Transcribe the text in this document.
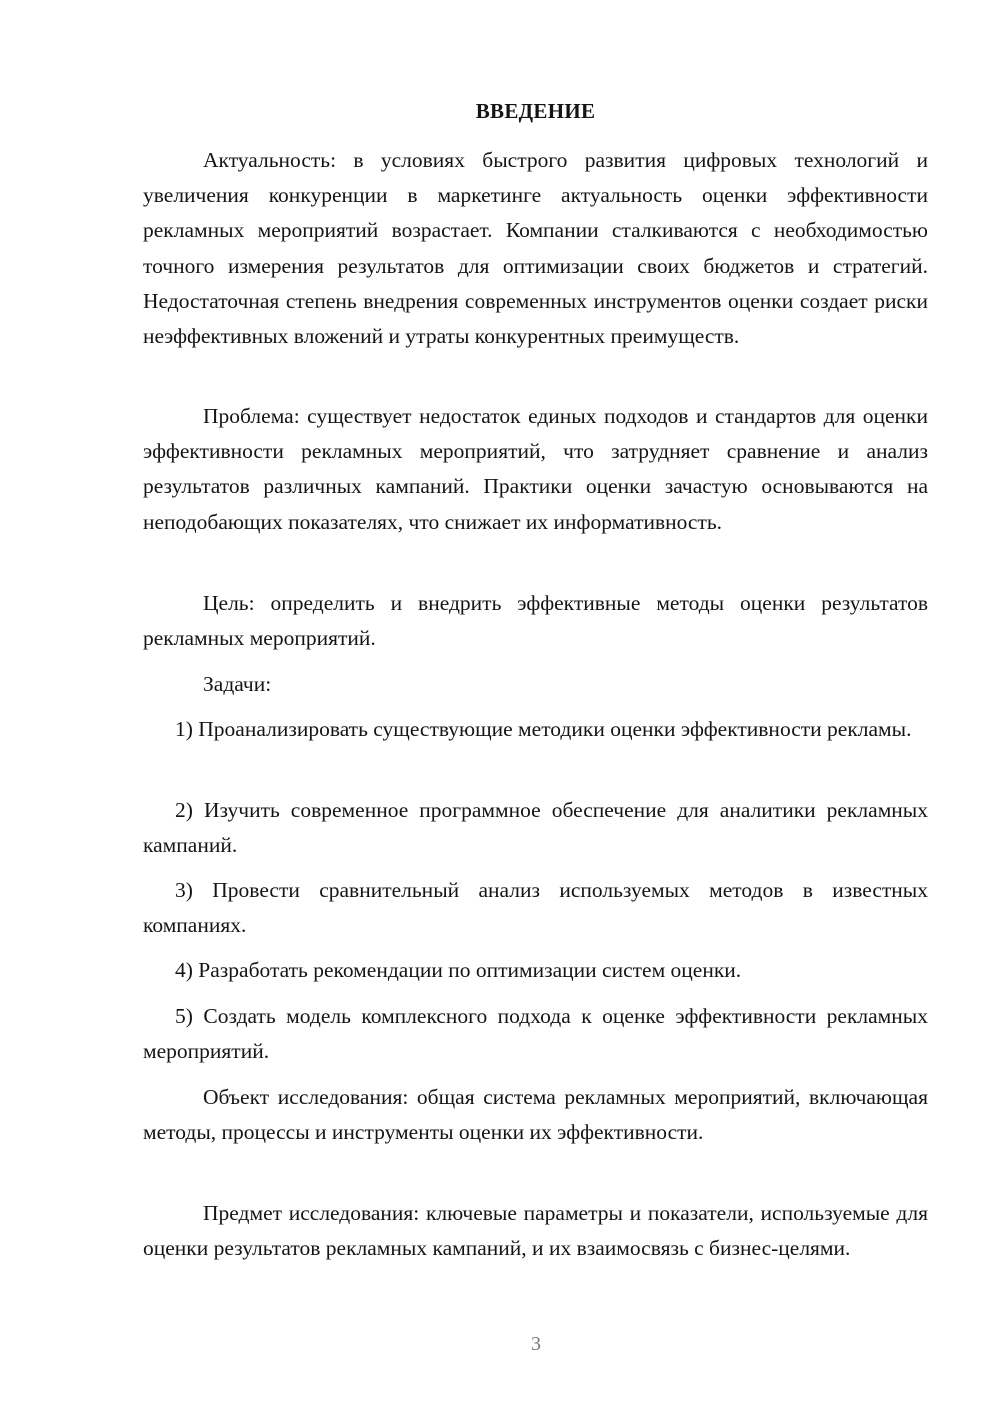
ВВЕДЕНИЕ

Актуальность: в условиях быстрого развития цифровых технологий и увеличения конкуренции в маркетинге актуальность оценки эффективности рекламных мероприятий возрастает. Компании сталкиваются с необходимостью точного измерения результатов для оптимизации своих бюджетов и стратегий. Недостаточная степень внедрения современных инструментов оценки создает риски неэффективных вложений и утраты конкурентных преимуществ.

Проблема: существует недостаток единых подходов и стандартов для оценки эффективности рекламных мероприятий, что затрудняет сравнение и анализ результатов различных кампаний. Практики оценки зачастую основываются на неподобающих показателях, что снижает их информативность.

Цель: определить и внедрить эффективные методы оценки результатов рекламных мероприятий.

Задачи:

1) Проанализировать существующие методики оценки эффективности рекламы.

2) Изучить современное программное обеспечение для аналитики рекламных кампаний.

3) Провести сравнительный анализ используемых методов в известных компаниях.

4) Разработать рекомендации по оптимизации систем оценки.

5) Создать модель комплексного подхода к оценке эффективности рекламных мероприятий.

Объект исследования: общая система рекламных мероприятий, включающая методы, процессы и инструменты оценки их эффективности.

Предмет исследования: ключевые параметры и показатели, используемые для оценки результатов рекламных кампаний, и их взаимосвязь с бизнес-целями.

3
